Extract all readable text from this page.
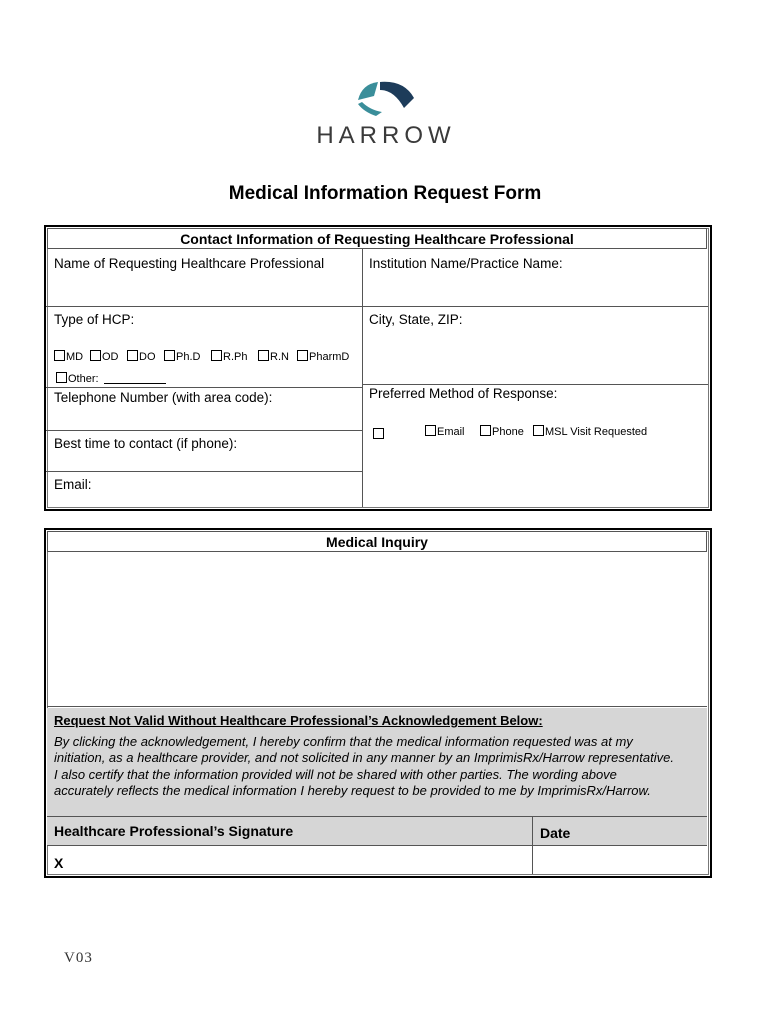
HARROW
Medical Information Request Form
Contact Information of Requesting Healthcare Professional
Name of Requesting Healthcare Professional	Institution Name/Practice Name:
Type of HCP:	City, State, ZIP:
MD	OD	DO	Ph.D	R.Ph	R.N	PharmD
Other:
Telephone Number (with area code):
Best time to contact (if phone):
Email:
Preferred Method of Response:
Email	Phone	MSL Visit Requested
Medical Inquiry
Request Not Valid Without Healthcare Professional’s Acknowledgement Below:
By clicking the acknowledgement, I hereby confirm that the medical information requested was at my initiation, as a healthcare provider, and not solicited in any manner by an ImprimisRx/Harrow representative. I also certify that the information provided will not be shared with other parties. The wording above accurately reflects the medical information I hereby request to be provided to me by ImprimisRx/Harrow.
Healthcare Professional’s Signature	Date
X
V03
